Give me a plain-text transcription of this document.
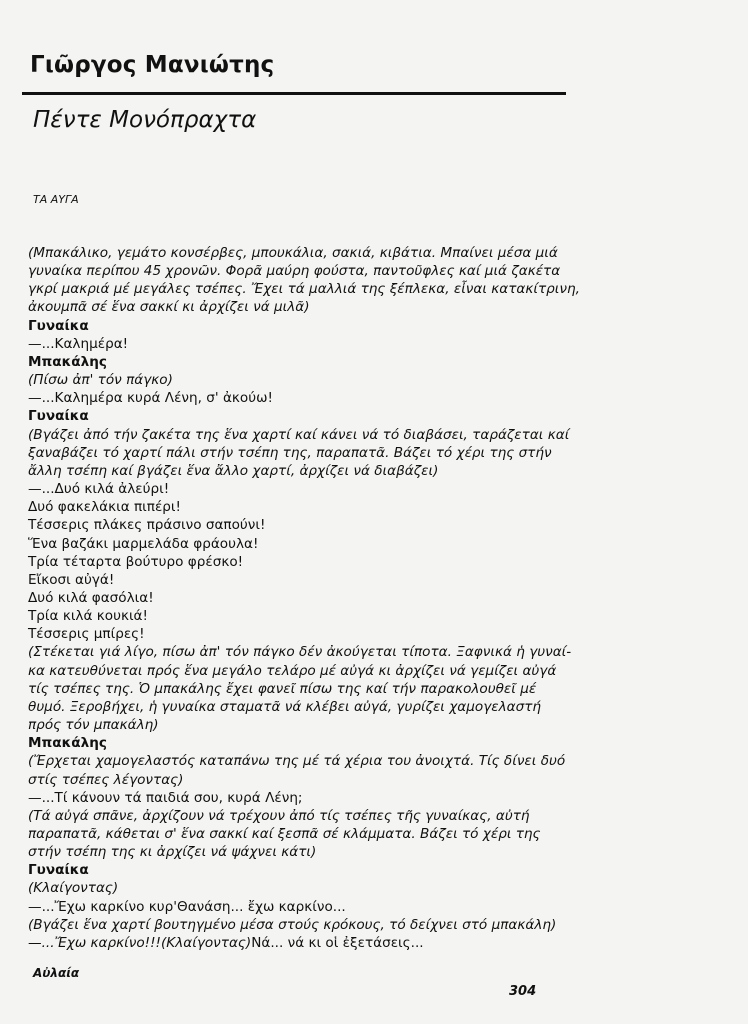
Γιῶργος Μανιώτης
Πέντε Μονόπραχτα
ΤΑ ΑΥΓΑ
(Μπακάλικο, γεμάτο κονσέρβες, μπουκάλια, σακιά, κιβάτια. Μπαίνει μέσα μιά
γυναίκα περίπου 45 χρονῶν. Φορᾶ μαύρη φούστα, παντοῦφλες καί μιά ζακέτα
γκρί μακριά μέ μεγάλες τσέπες. Ἔχει τά μαλλιά της ξέπλεκα, εἶναι κατακίτρινη,
ἀκουμπᾶ σέ ἕνα σακκί κι ἀρχίζει νά μιλᾶ)
Γυναίκα
—...Καλημέρα!
Μπακάλης
(Πίσω ἀπ' τόν πάγκο)
—...Καλημέρα κυρά Λένη, σ' ἀκούω!
Γυναίκα
(Βγάζει ἀπό τήν ζακέτα της ἕνα χαρτί καί κάνει νά τό διαβάσει, ταράζεται καί
ξαναβάζει τό χαρτί πάλι στήν τσέπη της, παραπατᾶ. Βάζει τό χέρι της στήν
ἄλλη τσέπη καί βγάζει ἕνα ἄλλο χαρτί, ἀρχίζει νά διαβάζει)
—...Δυό κιλά ἀλεύρι!
Δυό φακελάκια πιπέρι!
Τέσσερις πλάκες πράσινο σαπούνι!
Ἕνα βαζάκι μαρμελάδα φράουλα!
Τρία τέταρτα βούτυρο φρέσκο!
Εἴκοσι αὐγά!
Δυό κιλά φασόλια!
Τρία κιλά κουκιά!
Τέσσερις μπίρες!
(Στέκεται γιά λίγο, πίσω ἀπ' τόν πάγκο δέν ἀκούγεται τίποτα. Ξαφνικά ἡ γυναί-
κα κατευθύνεται πρός ἕνα μεγάλο τελάρο μέ αὐγά κι ἀρχίζει νά γεμίζει αὐγά
τίς τσέπες της. Ὁ μπακάλης ἔχει φανεῖ πίσω της καί τήν παρακολουθεῖ μέ
θυμό. Ξεροβήχει, ἡ γυναίκα σταματᾶ νά κλέβει αὐγά, γυρίζει χαμογελαστή
πρός τόν μπακάλη)
Μπακάλης
(Ἔρχεται χαμογελαστός καταπάνω της μέ τά χέρια του ἀνοιχτά. Τίς δίνει δυό
στίς τσέπες λέγοντας)
—...Τί κάνουν τά παιδιά σου, κυρά Λένη;
(Τά αὐγά σπᾶνε, ἀρχίζουν νά τρέχουν ἀπό τίς τσέπες τῆς γυναίκας, αὐτή
παραπατᾶ, κάθεται σ' ἕνα σακκί καί ξεσπᾶ σέ κλάμματα. Βάζει τό χέρι της
στήν τσέπη της κι ἀρχίζει νά ψάχνει κάτι)
Γυναίκα
(Κλαίγοντας)
—...Ἔχω καρκίνο κυρ'Θανάση... ἔχω καρκίνο...
(Βγάζει ἕνα χαρτί βουτηγμένο μέσα στούς κρόκους, τό δείχνει στό μπακάλη)
—...Ἔχω καρκίνο!!!(Κλαίγοντας)Νά... νά κι οἱ ἐξετάσεις...
Αὐλαία
304
